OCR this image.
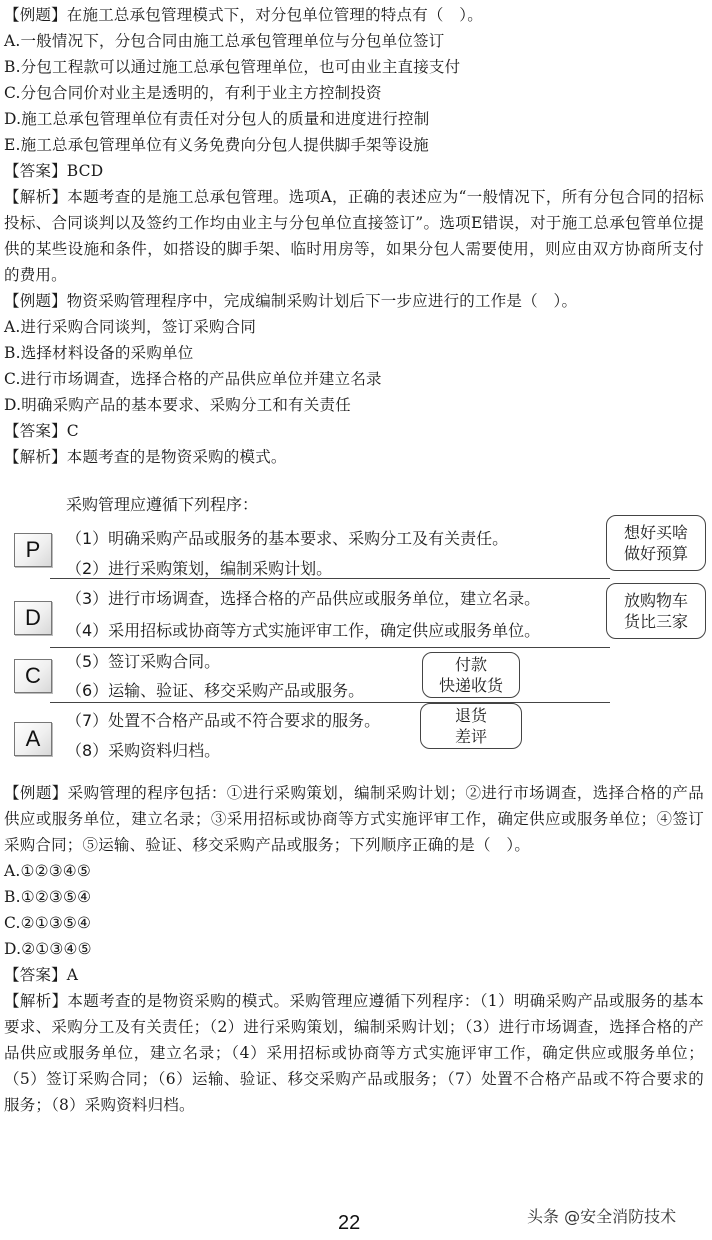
【例题】在施工总承包管理模式下，对分包单位管理的特点有（　）。
A.一般情况下，分包合同由施工总承包管理单位与分包单位签订
B.分包工程款可以通过施工总承包管理单位，也可由业主直接支付
C.分包合同价对业主是透明的，有利于业主方控制投资
D.施工总承包管理单位有责任对分包人的质量和进度进行控制
E.施工总承包管理单位有义务免费向分包人提供脚手架等设施
【答案】BCD
【解析】本题考查的是施工总承包管理。选项A，正确的表述应为“一般情况下，所有分包合同的招标投标、合同谈判以及签约工作均由业主与分包单位直接签订”。选项E错误，对于施工总承包管单位提供的某些设施和条件，如搭设的脚手架、临时用房等，如果分包人需要使用，则应由双方协商所支付的费用。
【例题】物资采购管理程序中，完成编制采购计划后下一步应进行的工作是（　）。
A.进行采购合同谈判，签订采购合同
B.选择材料设备的采购单位
C.进行市场调查，选择合格的产品供应单位并建立名录
D.明确采购产品的基本要求、采购分工和有关责任
【答案】C
【解析】本题考查的是物资采购的模式。
采购管理应遵循下列程序：
P	（1）明确采购产品或服务的基本要求、采购分工及有关责任。
（2）进行采购策划，编制采购计划。
想好买啥
做好预算
D
（3）进行市场调查，选择合格的产品供应或服务单位，建立名录。
（4）采用招标或协商等方式实施评审工作，确定供应或服务单位。
放购物车
货比三家
C
（5）签订采购合同。
（6）运输、验证、移交采购产品或服务。
付款
快递收货
A
（7）处置不合格产品或不符合要求的服务。
（8）采购资料归档。
退货
差评
【例题】采购管理的程序包括：①进行采购策划，编制采购计划；②进行市场调查，选择合格的产品供应或服务单位，建立名录；③采用招标或协商等方式实施评审工作，确定供应或服务单位；④签订采购合同；⑤运输、验证、移交采购产品或服务；下列顺序正确的是（　）。
A.①②③④⑤
B.①②③⑤④
C.②①③⑤④
D.②①③④⑤
【答案】A
【解析】本题考查的是物资采购的模式。采购管理应遵循下列程序：（1）明确采购产品或服务的基本要求、采购分工及有关责任；（2）进行采购策划，编制采购计划；（3）进行市场调查，选择合格的产品供应或服务单位，建立名录；（4）采用招标或协商等方式实施评审工作，确定供应或服务单位；（5）签订采购合同；（6）运输、验证、移交采购产品或服务；（7）处置不合格产品或不符合要求的服务；（8）采购资料归档。
22	头条 @安全消防技术
